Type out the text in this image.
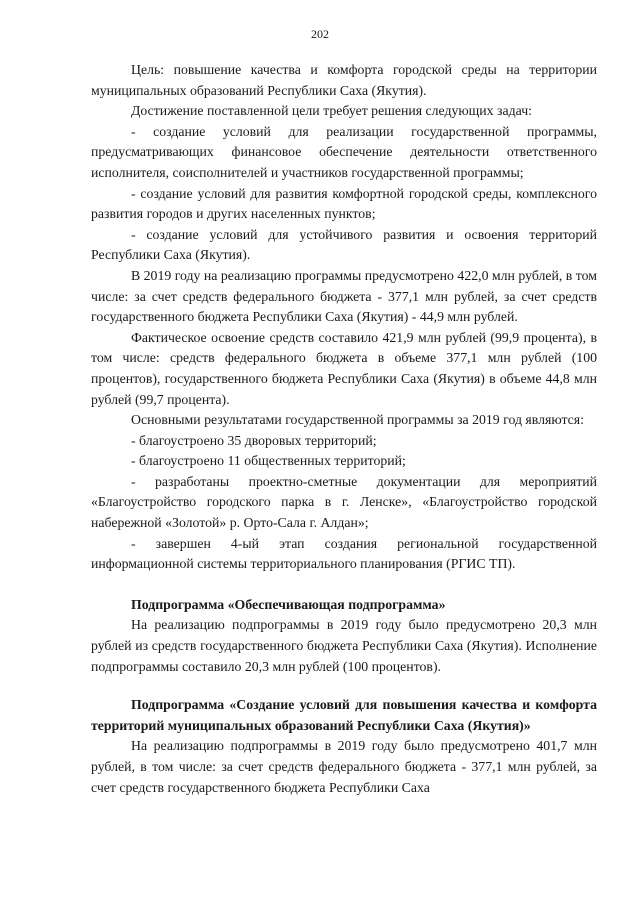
202

Цель: повышение качества и комфорта городской среды на территории муниципальных образований Республики Саха (Якутия).

Достижение поставленной цели требует решения следующих задач:

- создание условий для реализации государственной программы, предусматривающих финансовое обеспечение деятельности ответственного исполнителя, соисполнителей и участников государственной программы;

- создание условий для развития комфортной городской среды, комплексного развития городов и других населенных пунктов;

- создание условий для устойчивого развития и освоения территорий Республики Саха (Якутия).

В 2019 году на реализацию программы предусмотрено 422,0 млн рублей, в том числе: за счет средств федерального бюджета - 377,1 млн рублей, за счет средств государственного бюджета Республики Саха (Якутия) - 44,9 млн рублей.

Фактическое освоение средств составило 421,9 млн рублей (99,9 процента), в том числе: средств федерального бюджета в объеме 377,1 млн рублей (100 процентов), государственного бюджета Республики Саха (Якутия) в объеме 44,8 млн рублей (99,7 процента).

Основными результатами государственной программы за 2019 год являются:

- благоустроено 35 дворовых территорий;

- благоустроено 11 общественных территорий;

- разработаны проектно-сметные документации для мероприятий «Благоустройство городского парка в г. Ленске», «Благоустройство городской набережной «Золотой» р. Орто-Сала г. Алдан»;

- завершен 4-ый этап создания региональной государственной информационной системы территориального планирования (РГИС ТП).

Подпрограмма «Обеспечивающая подпрограмма»

На реализацию подпрограммы в 2019 году было предусмотрено 20,3 млн рублей из средств государственного бюджета Республики Саха (Якутия). Исполнение подпрограммы составило 20,3 млн рублей (100 процентов).

Подпрограмма «Создание условий для повышения качества и комфорта территорий муниципальных образований Республики Саха (Якутия)»

На реализацию подпрограммы в 2019 году было предусмотрено 401,7 млн рублей, в том числе: за счет средств федерального бюджета - 377,1 млн рублей, за счет средств государственного бюджета Республики Саха
